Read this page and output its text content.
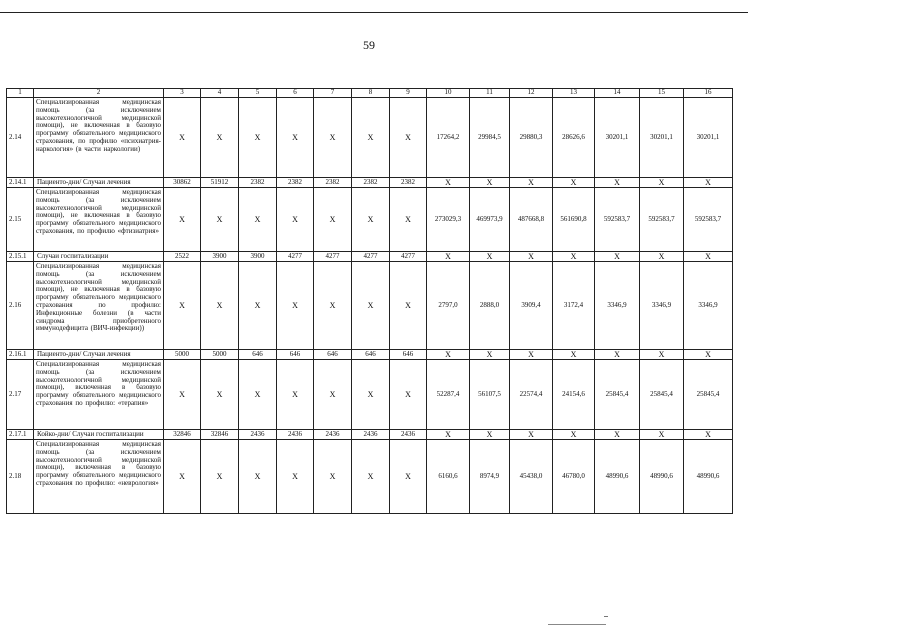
59
1	2	3	4	5	6	7	8	9	10	11	12	13	14	15	16
2.14	Специализированная медицинская помощь (за исключением высокотехнологичной медицинской помощи), не включенная в базовую программу обязательного медицинского страхования, по профилю «психиатрия-наркология» (в части наркологии)	X	X	X	X	X	X	X	17264,2	29984,5	29880,3	28626,6	30201,1	30201,1	30201,1
2.14.1	Пациенто-дни/ Случаи лечения	30862	51912	2382	2382	2382	2382	2382	X	X	X	X	X	X	X
2.15	Специализированная медицинская помощь (за исключением высокотехнологичной медицинской помощи), не включенная в базовую программу обязательного медицинского страхования, по профилю «фтизиатрия»	X	X	X	X	X	X	X	273029,3	469973,9	487668,8	561690,8	592583,7	592583,7	592583,7
2.15.1	Случаи госпитализации	2522	3900	3900	4277	4277	4277	4277	X	X	X	X	X	X	X
2.16	Специализированная медицинская помощь (за исключением высокотехнологичной медицинской помощи), не включенная в базовую программу обязательного медицинского страхования по профилю: Инфекционные болезни (в части синдрома приобретенного иммунодефицита (ВИЧ-инфекции))	X	X	X	X	X	X	X	2797,0	2888,0	3909,4	3172,4	3346,9	3346,9	3346,9
2.16.1	Пациенто-дни/ Случаи лечения	5000	5000	646	646	646	646	646	X	X	X	X	X	X	X
2.17	Специализированная медицинская помощь (за исключением высокотехнологичной медицинской помощи), включенная в базовую программу обязательного медицинского страхования по профилю: «терапия»	X	X	X	X	X	X	X	52287,4	56107,5	22574,4	24154,6	25845,4	25845,4	25845,4
2.17.1	Койко-дни/ Случаи госпитализации	32846	32846	2436	2436	2436	2436	2436	X	X	X	X	X	X	X
2.18	Специализированная медицинская помощь (за исключением высокотехнологичной медицинской помощи), включенная в базовую программу обязательного медицинского страхования по профилю: «неврология»	X	X	X	X	X	X	X	6160,6	8974,9	45438,0	46780,0	48990,6	48990,6	48990,6
